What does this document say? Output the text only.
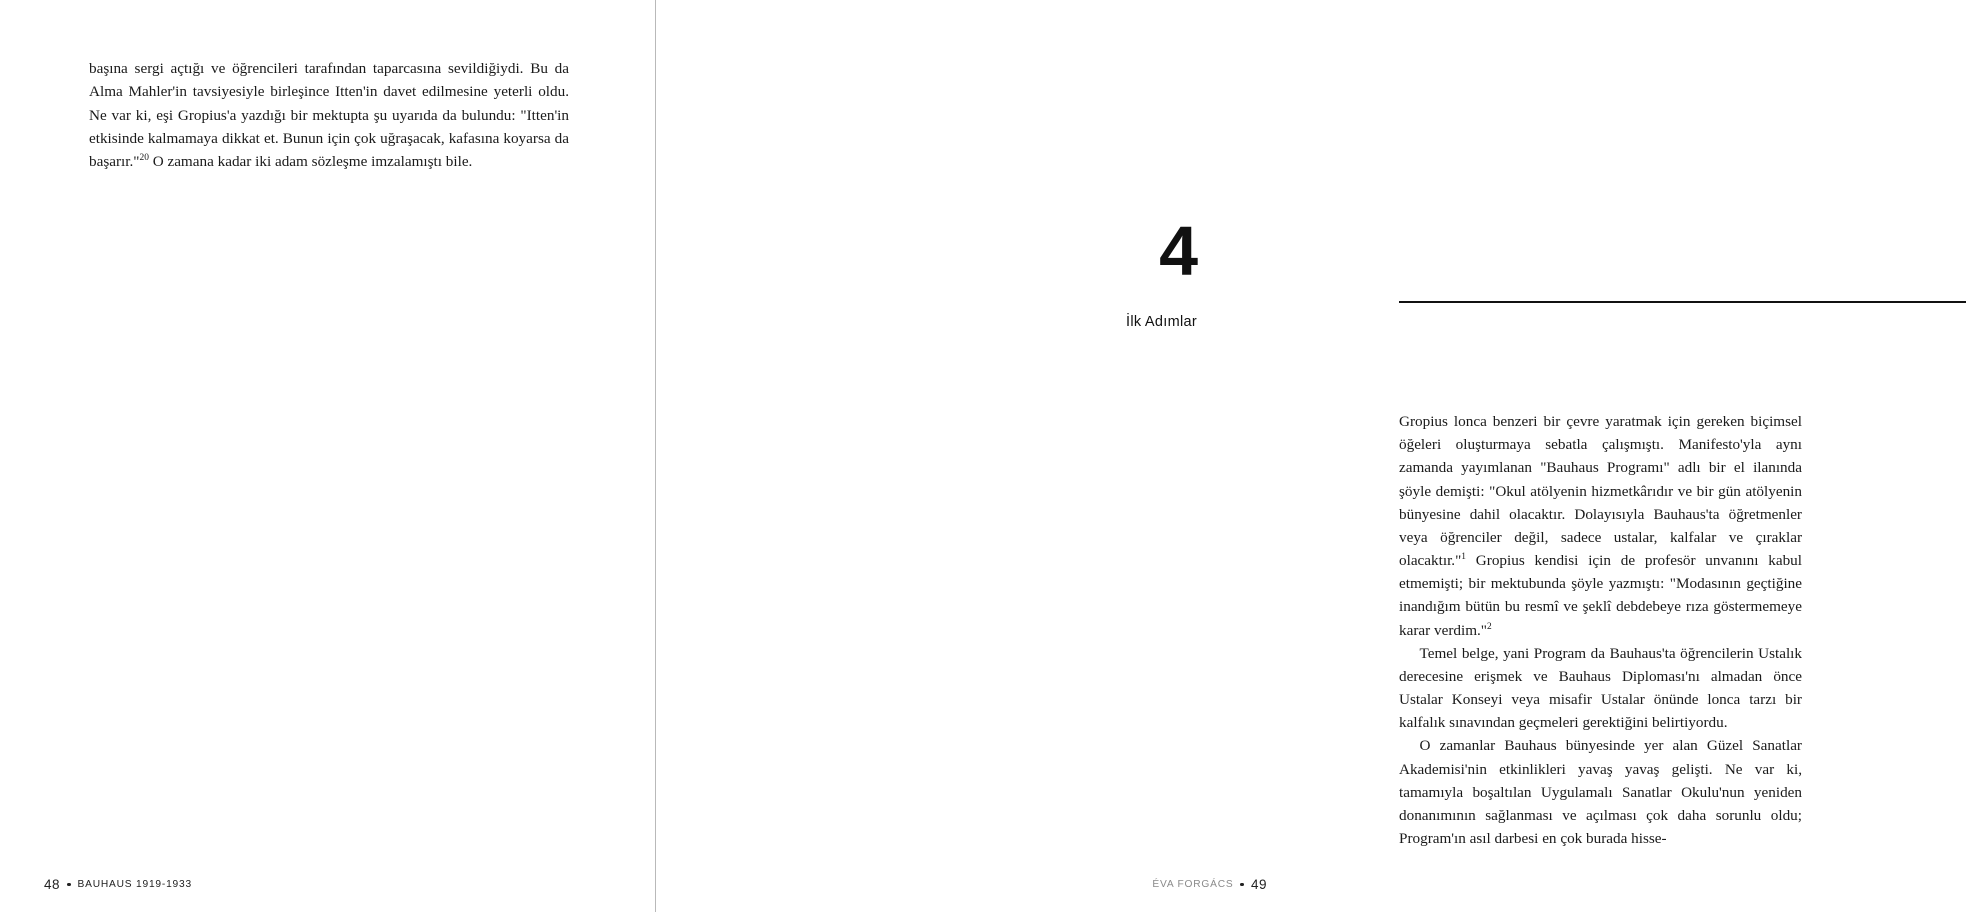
başına sergi açtığı ve öğrencileri tarafından taparcasına sevildiğiydi. Bu da Alma Mahler'in tavsiyesiyle birleşince Itten'in davet edilmesine yeterli oldu. Ne var ki, eşi Gropius'a yazdığı bir mektupta şu uyarıda da bulundu: "Itten'in etkisinde kalmamaya dikkat et. Bunun için çok uğraşacak, kafasına koyarsa da başarır."$^{20}$ O zamana kadar iki adam sözleşme imzalamıştı bile.

48 BAUHAUS 1919-1933
4
İlk Adımlar

Gropius lonca benzeri bir çevre yaratmak için gereken biçimsel öğeleri oluşturmaya sebatla çalışmıştı. Manifesto'yla aynı zamanda yayımlanan "Bauhaus Programı" adlı bir el ilanında şöyle demişti: "Okul atölyenin hizmetkârıdır ve bir gün atölyenin bünyesine dahil olacaktır. Dolayısıyla Bauhaus'ta öğretmenler veya öğrenciler değil, sadece ustalar, kalfalar ve çıraklar olacaktır."$^1$ Gropius kendisi için de profesör unvanını kabul etmemişti; bir mektubunda şöyle yazmıştı: "Modasının geçtiğine inandığım bütün bu resmî ve şeklî debdebeye rıza göstermemeye karar verdim."$^2$

Temel belge, yani Program da Bauhaus'ta öğrencilerin Ustalık derecesine erişmek ve Bauhaus Diploması'nı almadan önce Ustalar Konseyi veya misafir Ustalar önünde lonca tarzı bir kalfalık sınavından geçmeleri gerektiğini belirtiyordu.

O zamanlar Bauhaus bünyesinde yer alan Güzel Sanatlar Akademisi'nin etkinlikleri yavaş yavaş gelişti. Ne var ki, tamamıyla boşaltılan Uygulamalı Sanatlar Okulu'nun yeniden donanımının sağlanması ve açılması çok daha sorunlu oldu; Program'ın asıl darbesi en çok burada hisse-

ÉVA FORGÁCS 49
